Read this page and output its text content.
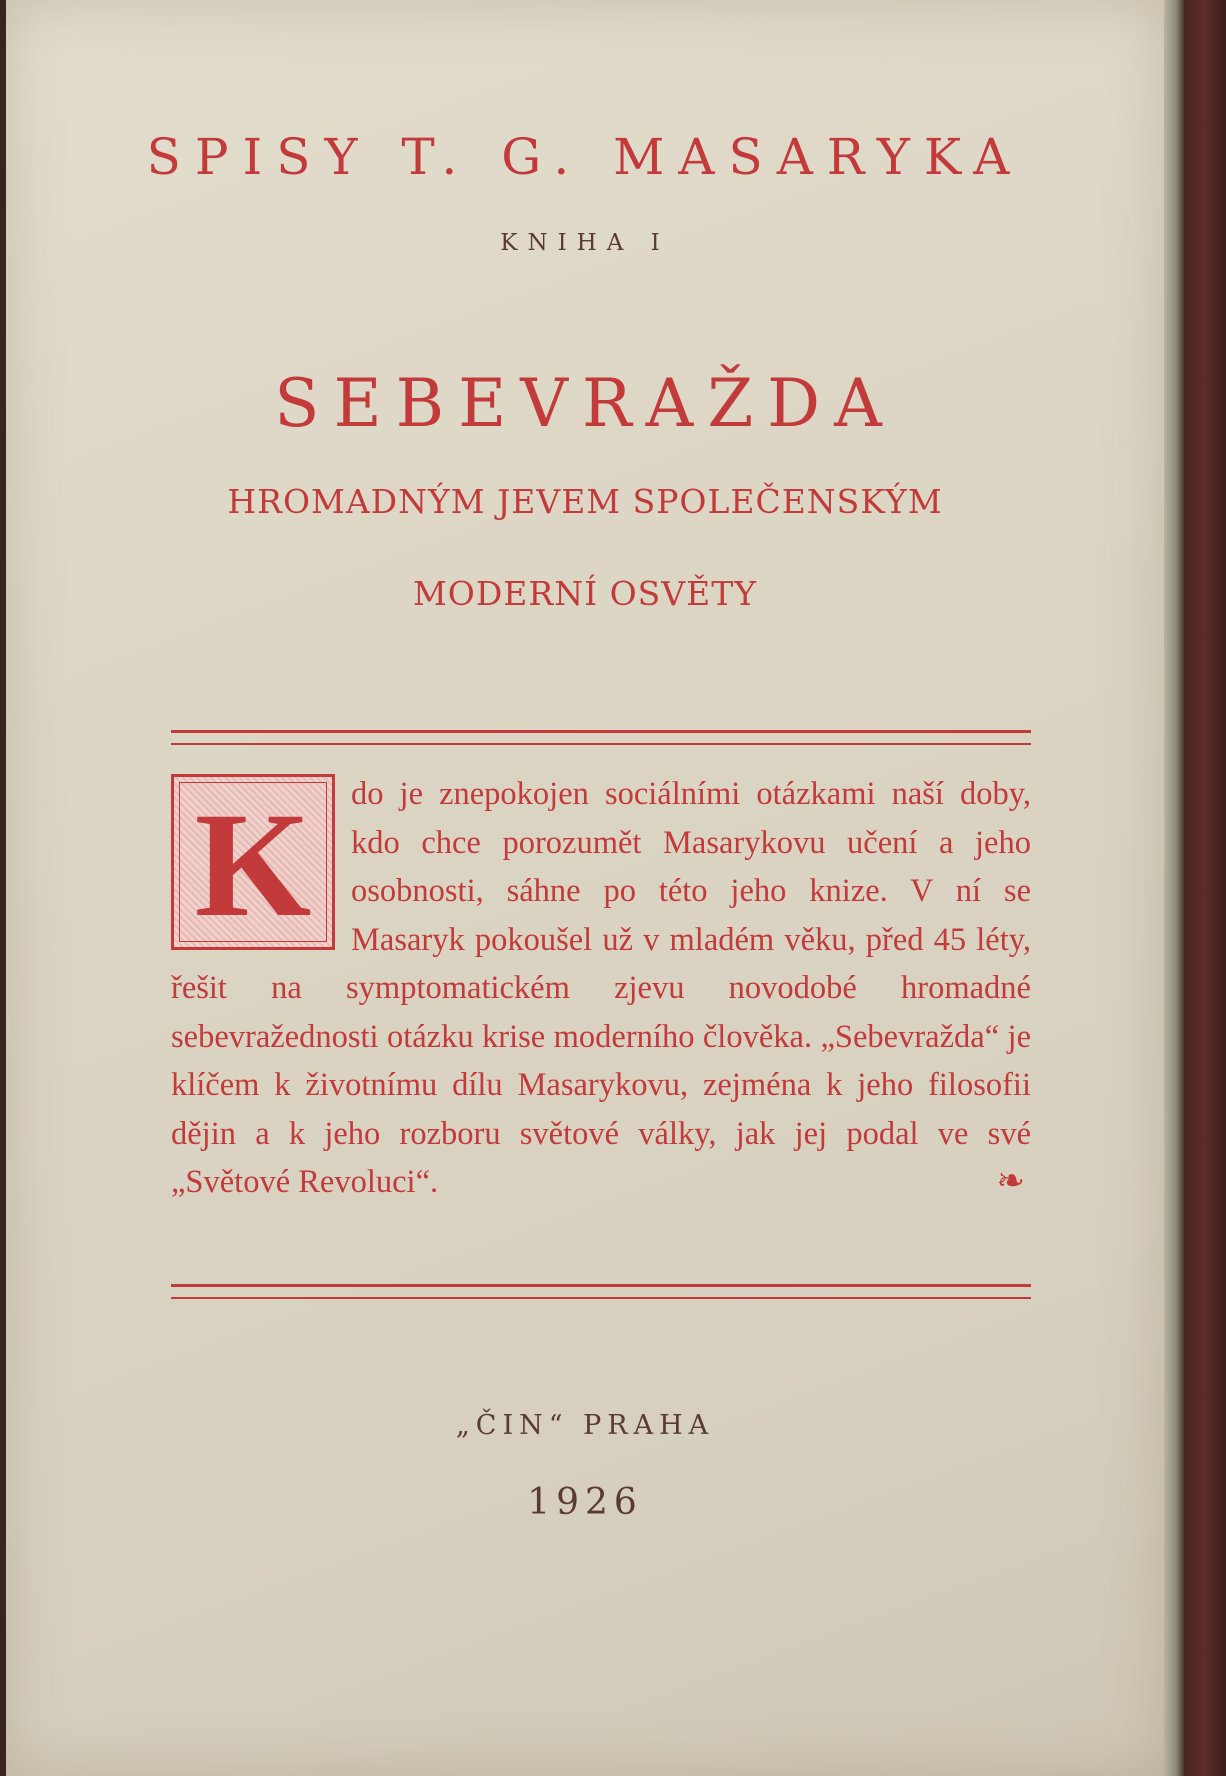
SPISY T. G. MASARYKA

KNIHA I

SEBEVRAŽDA

HROMADNÝM JEVEM SPOLEČENSKÝM

MODERNÍ OSVĚTY

K	do je znepokojen sociálními otázkami naší doby, kdo chce porozumět Masarykovu učení a jeho osobnosti, sáhne po této jeho knize. V ní se Masaryk pokoušel už v mladém věku, před 45 léty, řešit na symptomatickém zjevu novodobé hromadné sebevražednosti otázku krise moderního člověka. „Sebevražda“ je klíčem k životnímu dílu Masarykovu, zejména k jeho filosofii dějin a k jeho rozboru světové války, jak jej podal ve své „Světové Revoluci“.	❧

„ČIN“ PRAHA

1926
